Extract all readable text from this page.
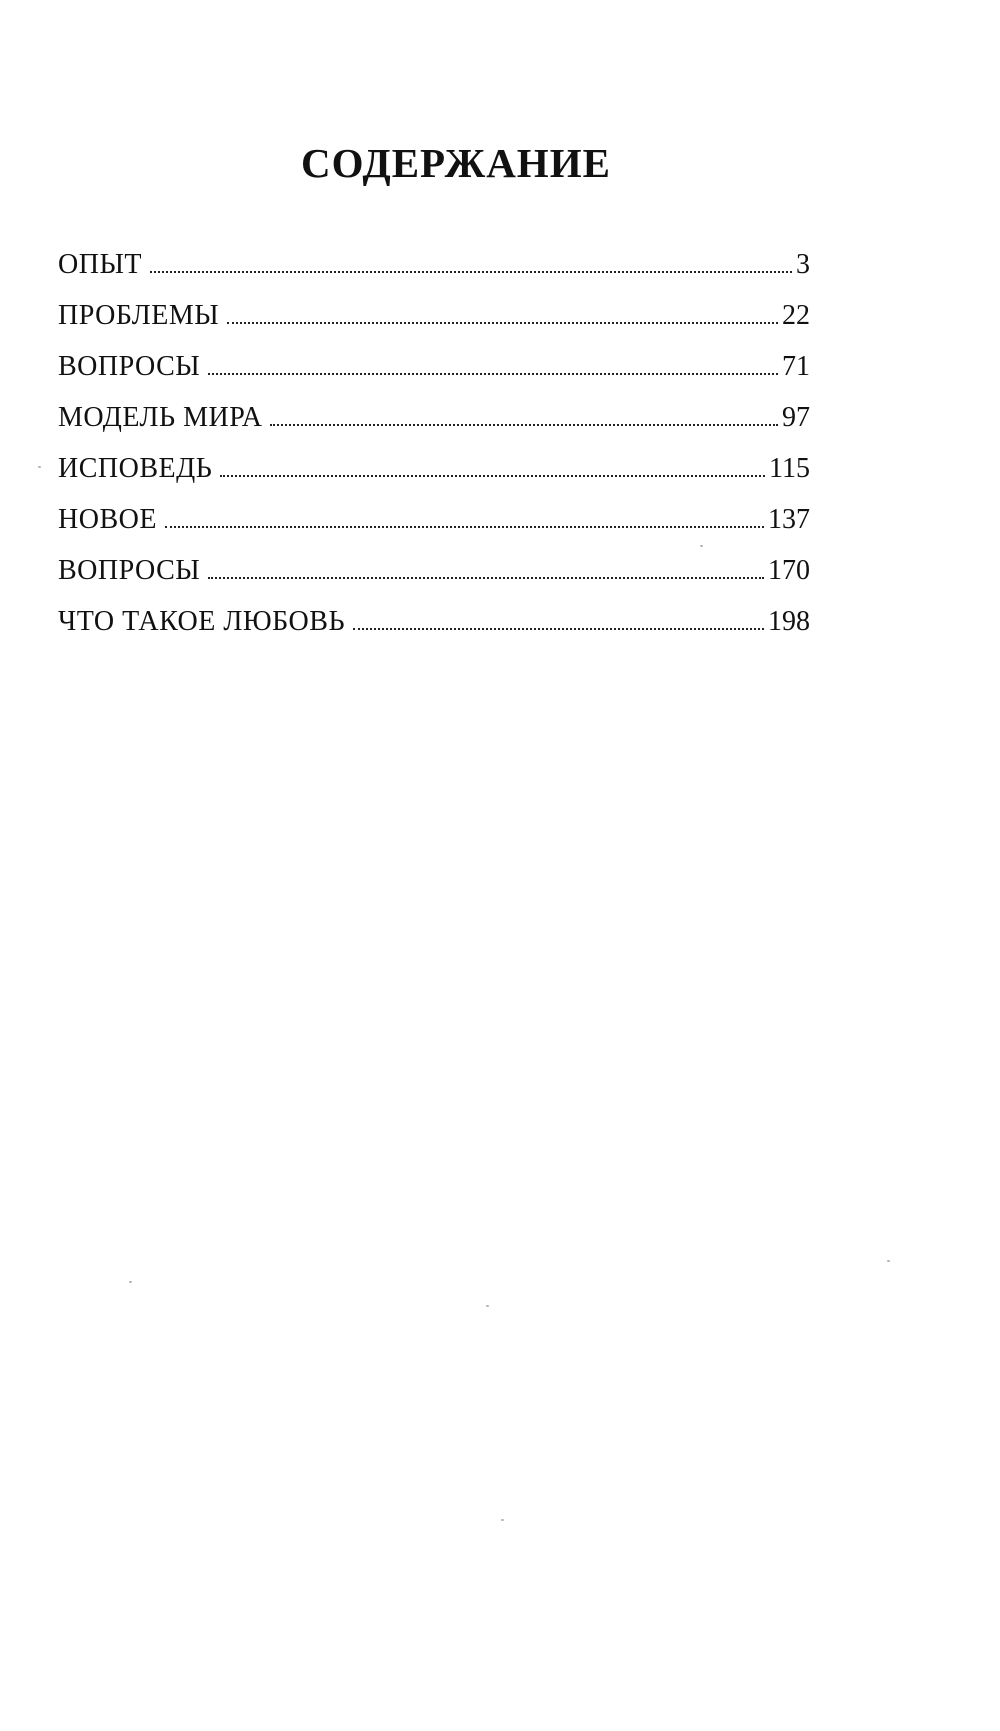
СОДЕРЖАНИЕ
ОПЫТ	3
ПРОБЛЕМЫ	22
ВОПРОСЫ	71
МОДЕЛЬ МИРА	97
ИСПОВЕДЬ	115
НОВОЕ	137
ВОПРОСЫ	170
ЧТО ТАКОЕ ЛЮБОВЬ	198
